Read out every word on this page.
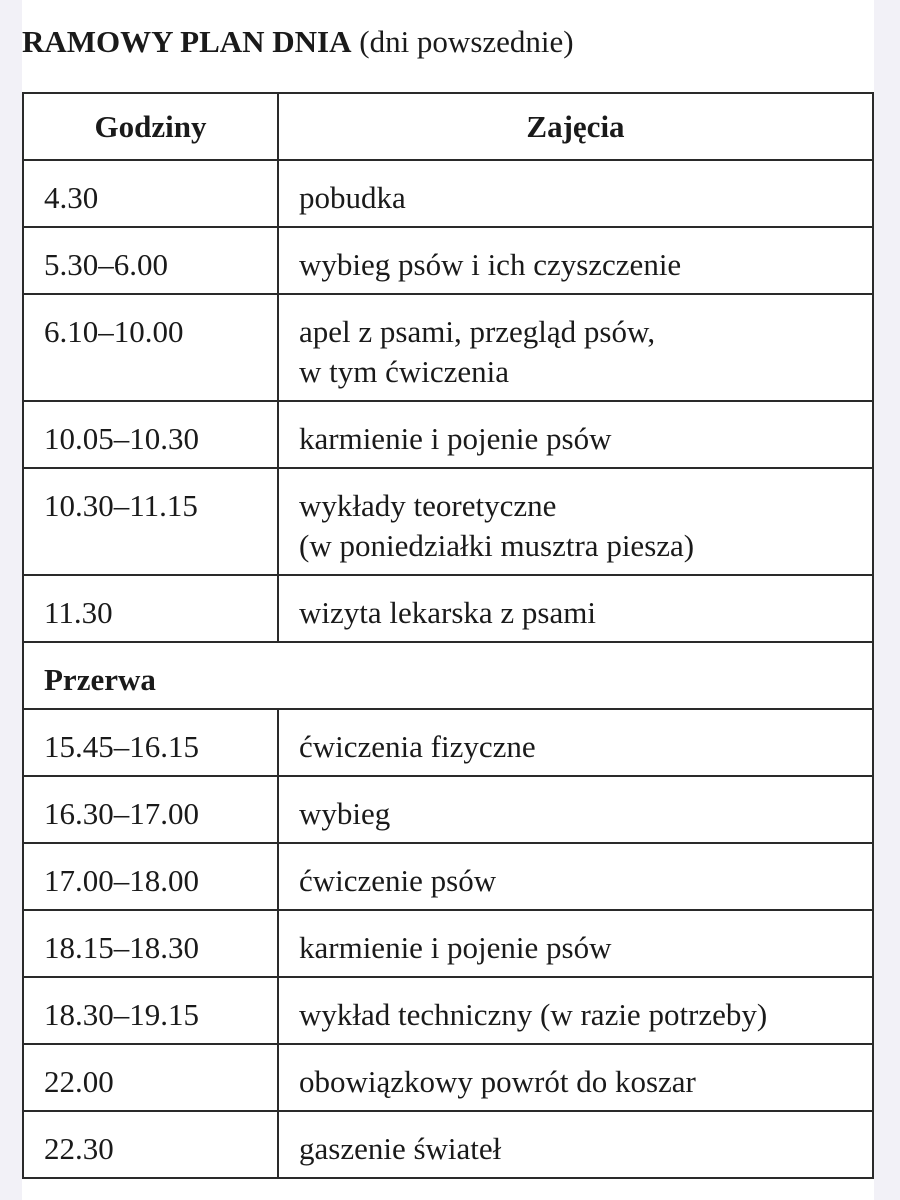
RAMOWY PLAN DNIA (dni powszednie)
Godziny	Zajęcia

4.30	pobudka

5.30–6.00	wybieg psów i ich czyszczenie

6.10–10.00	apel z psami, przegląd psów,
w tym ćwiczenia

10.05–10.30	karmienie i pojenie psów

10.30–11.15	wykłady teoretyczne
(w poniedziałki musztra piesza)

11.30	wizyta lekarska z psami

Przerwa	

15.45–16.15	ćwiczenia fizyczne

16.30–17.00	wybieg

17.00–18.00	ćwiczenie psów

18.15–18.30	karmienie i pojenie psów

18.30–19.15	wykład techniczny (w razie potrzeby)

22.00	obowiązkowy powrót do koszar

22.30	gaszenie świateł
